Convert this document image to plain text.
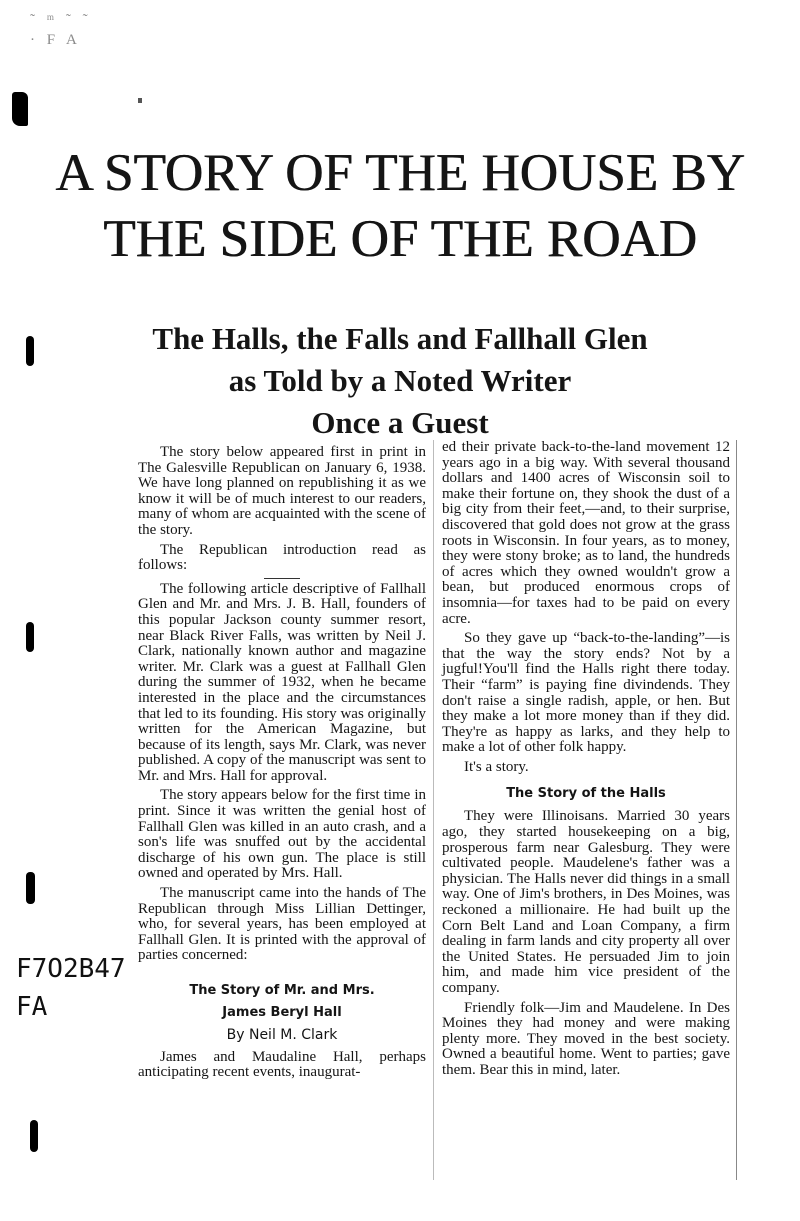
˜ ᵐ ˜ ˜
· F A
F7O2B47
FA
A STORY OF THE HOUSE BY THE SIDE OF THE ROAD
The Halls, the Falls and Fallhall Glen
as Told by a Noted Writer
Once a Guest

The story below appeared first in print in The Galesville Republican on January 6, 1938. We have long planned on republishing it as we know it will be of much interest to our readers, many of whom are acquainted with the scene of the story.

The Republican introduction read as follows:

The following article descriptive of Fallhall Glen and Mr. and Mrs. J. B. Hall, founders of this popular Jackson county summer resort, near Black River Falls, was written by Neil J. Clark, nationally known author and magazine writer. Mr. Clark was a guest at Fallhall Glen during the summer of 1932, when he became interested in the place and the circumstances that led to its founding. His story was originally written for the American Magazine, but because of its length, says Mr. Clark, was never published. A copy of the manuscript was sent to Mr. and Mrs. Hall for approval.

The story appears below for the first time in print. Since it was written the genial host of Fallhall Glen was killed in an auto crash, and a son's life was snuffed out by the accidental discharge of his own gun. The place is still owned and operated by Mrs. Hall.

The manuscript came into the hands of The Republican through Miss Lillian Dettinger, who, for several years, has been employed at Fallhall Glen. It is printed with the approval of parties concerned:

The Story of Mr. and Mrs.
James Beryl Hall
By Neil M. Clark

James and Maudaline Hall, perhaps anticipating recent events, inaugurat-

ed their private back-to-the-land movement 12 years ago in a big way. With several thousand dollars and 1400 acres of Wisconsin soil to make their fortune on, they shook the dust of a big city from their feet,—and, to their surprise, discovered that gold does not grow at the grass roots in Wisconsin. In four years, as to money, they were stony broke; as to land, the hundreds of acres which they owned wouldn't grow a bean, but produced enormous crops of insomnia—for taxes had to be paid on every acre.

So they gave up “back-to-the-landing”—is that the way the story ends? Not by a jugful!You'll find the Halls right there today. Their “farm” is paying fine divindends. They don't raise a single radish, apple, or hen. But they make a lot more money than if they did. They're as happy as larks, and they help to make a lot of other folk happy.

It's a story.

The Story of the Halls

They were Illinoisans. Married 30 years ago, they started housekeeping on a big, prosperous farm near Galesburg. They were cultivated people. Maudelene's father was a physician. The Halls never did things in a small way. One of Jim's brothers, in Des Moines, was reckoned a millionaire. He had built up the Corn Belt Land and Loan Company, a firm dealing in farm lands and city property all over the United States. He persuaded Jim to join him, and made him vice president of the company.

Friendly folk—Jim and Maudelene. In Des Moines they had money and were making plenty more. They moved in the best society. Owned a beautiful home. Went to parties; gave them. Bear this in mind, later.
